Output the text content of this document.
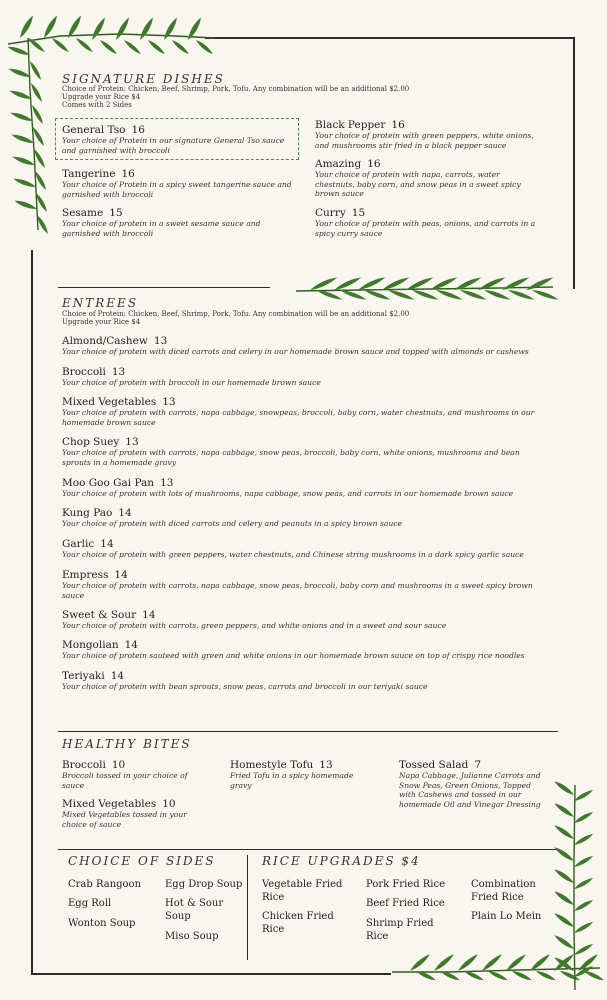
SIGNATURE DISHES
Choice of Protein: Chicken, Beef, Shrimp, Pork, Tofu. Any combination will be an additional $2.00
Upgrade your Rice $4
Comes with 2 Sides
General Tso 16
Your choice of Protein in our signature General Tso sauce and garnished with broccoli
Tangerine 16
Your choice of Protein in a spicy sweet tangerine sauce and garnished with broccoli
Sesame 15
Your choice of protein in a sweet sesame sauce and garnished with broccoli
Black Pepper 16
Your choice of protein with green peppers, white onions, and mushrooms stir fried in a black pepper sauce
Amazing 16
Your choice of protein with napa, carrots, water chestnuts, baby corn, and snow peas in a sweet spicy brown sauce
Curry 15
Your choice of protein with peas, onions, and carrots in a spicy curry sauce
ENTREES
Choice of Protein: Chicken, Beef, Shrimp, Pork, Tofu. Any combination will be an additional $2.00
Upgrade your Rice $4
Almond/Cashew 13
Your choice of protein with diced carrots and celery in our homemade brown sauce and topped with almonds or cashews
Broccoli 13
Your choice of protein with broccoli in our homemade brown sauce
Mixed Vegetables 13
Your choice of protein with carrots, napa cabbage, snowpeas, broccoli, baby corn, water chestnuts, and mushrooms in our homemade brown sauce
Chop Suey 13
Your choice of protein with carrots, napa cabbage, snow peas, broccoli, baby corn, white onions, mushrooms and bean sprouts in a homemade gravy
Moo Goo Gai Pan 13
Your choice of protein with lots of mushrooms, napa cabbage, snow peas, and carrots in our homemade brown sauce
Kung Pao 14
Your choice of protein with diced carrots and celery and peanuts in a spicy brown sauce
Garlic 14
Your choice of protein with green peppers, water chestnuts, and Chinese string mushrooms in a dark spicy garlic sauce
Empress 14
Your choice of protein with carrots, napa cabbage, snow peas, broccoli, baby corn and mushrooms in a sweet spicy brown sauce
Sweet & Sour 14
Your choice of protein with carrots, green peppers, and white onions and in a sweet and sour sauce
Mongolian 14
Your choice of protein sauteed with green and white onions in our homemade brown sauce on top of crispy rice noodles
Teriyaki 14
Your choice of protein with bean sprouts, snow peas, carrots and broccoli in our teriyaki sauce
HEALTHY BITES
Broccoli 10
Broccoli tossed in your choice of sauce
Mixed Vegetables 10
Mixed Vegetables tossed in your choice of sauce
Homestyle Tofu 13
Fried Tofu in a spicy homemade gravy
Tossed Salad 7
Napa Cabbage, Julianne Carrots and Snow Peas, Green Onions, Topped with Cashews and tossed in our homemade Oil and Vinegar Dressing
CHOICE OF SIDES
Crab Rangoon
Egg Roll
Wonton Soup
Egg Drop Soup
Hot & Sour Soup
Miso Soup
RICE UPGRADES $4
Vegetable Fried Rice
Chicken Fried Rice
Pork Fried Rice
Beef Fried Rice
Shrimp Fried Rice
Combination Fried Rice
Plain Lo Mein
